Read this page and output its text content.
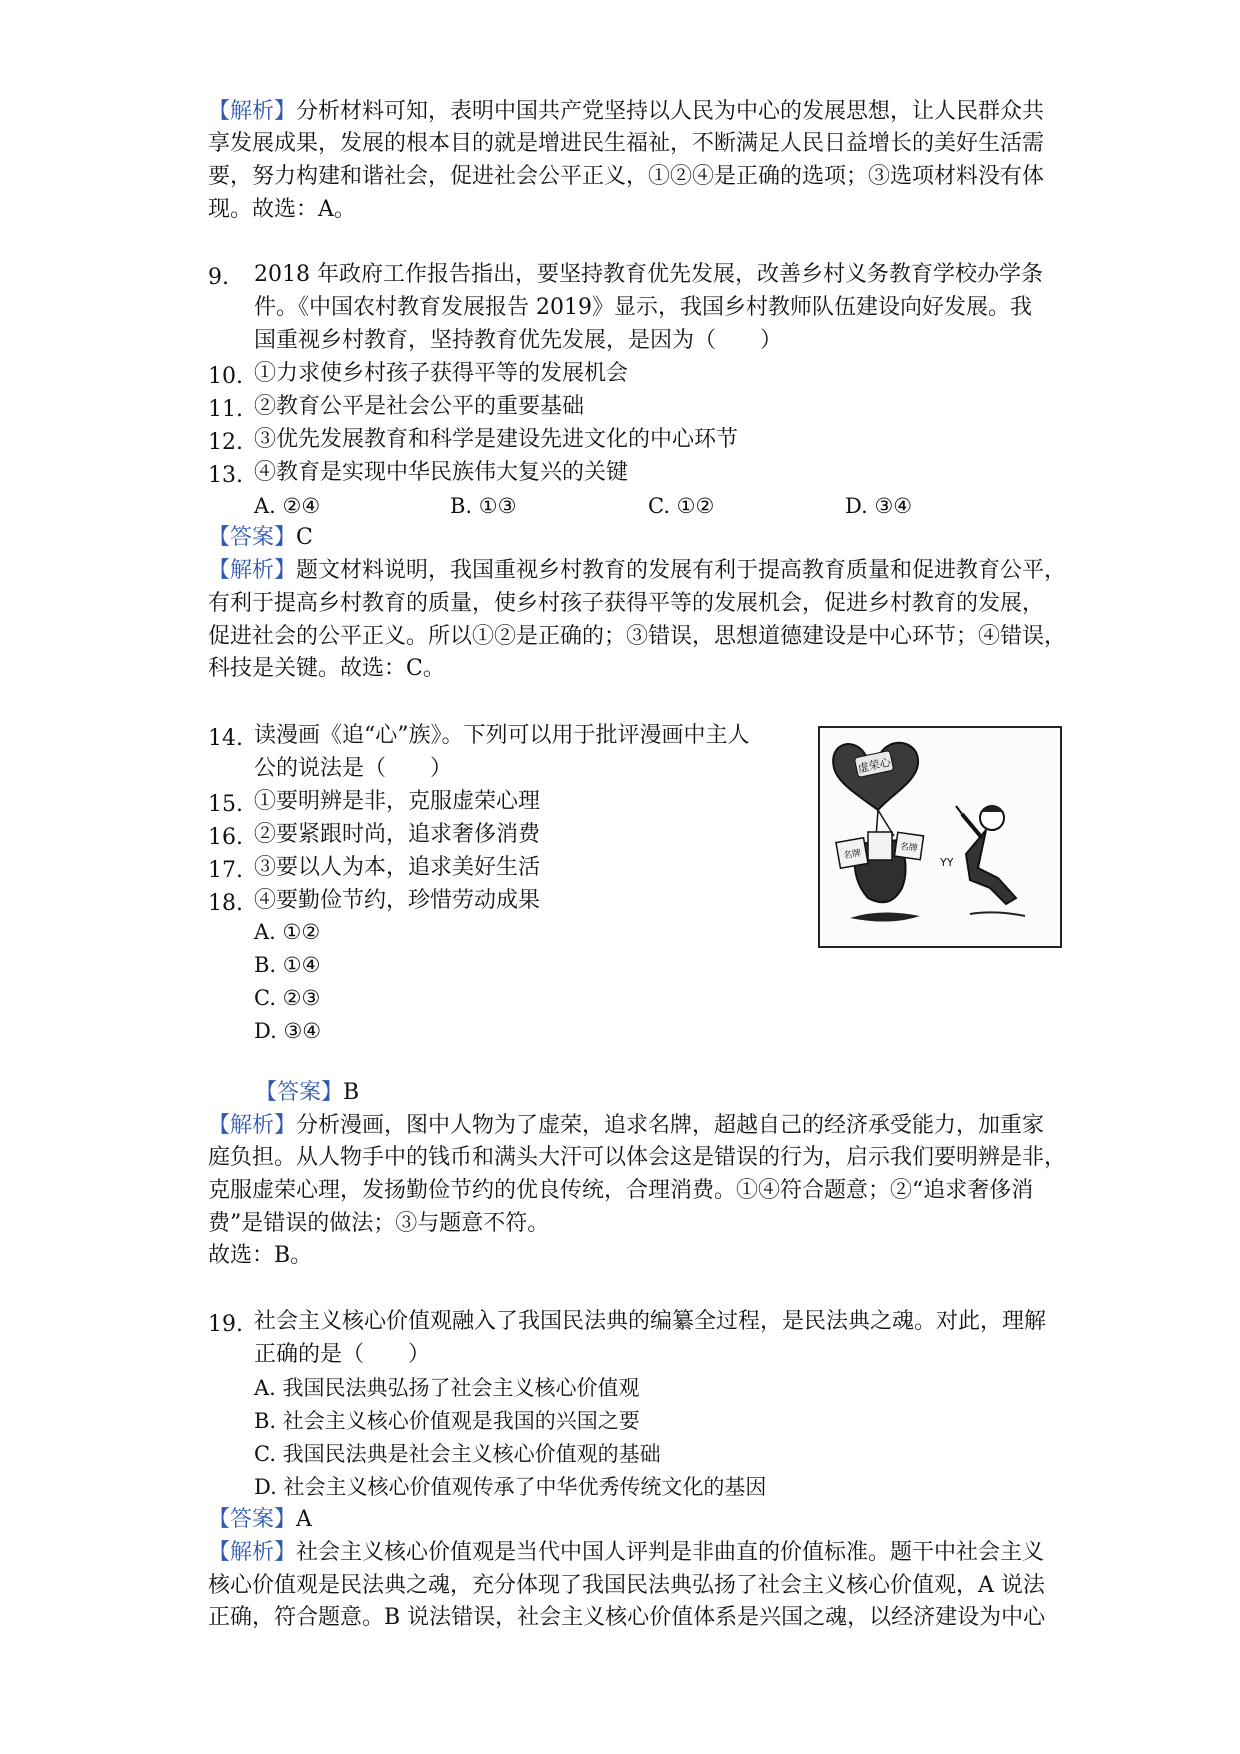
【解析】分析材料可知，表明中国共产党坚持以人民为中心的发展思想，让人民群众共
享发展成果，发展的根本目的就是增进民生福祉，不断满足人民日益增长的美好生活需
要，努力构建和谐社会，促进社会公平正义，①②④是正确的选项；③选项材料没有体
现。故选：A。
9. 2018 年政府工作报告指出，要坚持教育优先发展，改善乡村义务教育学校办学条
件。《中国农村教育发展报告 2019》显示，我国乡村教师队伍建设向好发展。我
国重视乡村教育，坚持教育优先发展，是因为（　　）
10. ①力求使乡村孩子获得平等的发展机会
11. ②教育公平是社会公平的重要基础
12. ③优先发展教育和科学是建设先进文化的中心环节
13. ④教育是实现中华民族伟大复兴的关键
A. ②④	B. ①③	C. ①②	D. ③④
【答案】C
【解析】题文材料说明，我国重视乡村教育的发展有利于提高教育质量和促进教育公平，
有利于提高乡村教育的质量，使乡村孩子获得平等的发展机会，促进乡村教育的发展，
促进社会的公平正义。所以①②是正确的；③错误，思想道德建设是中心环节；④错误，
科技是关键。故选：C。
14. 读漫画《追“心”族》。下列可以用于批评漫画中主人
公的说法是（　　）
15. ①要明辨是非，克服虚荣心理
16. ②要紧跟时尚，追求奢侈消费
17. ③要以人为本，追求美好生活
18. ④要勤俭节约，珍惜劳动成果
A. ①②
B. ①④
C. ②③
D. ③④
虚荣心
名牌
名牌
YY
【答案】B
【解析】分析漫画，图中人物为了虚荣，追求名牌，超越自己的经济承受能力，加重家
庭负担。从人物手中的钱币和满头大汗可以体会这是错误的行为，启示我们要明辨是非，
克服虚荣心理，发扬勤俭节约的优良传统，合理消费。①④符合题意；②“追求奢侈消
费”是错误的做法；③与题意不符。
故选：B。
19. 社会主义核心价值观融入了我国民法典的编纂全过程，是民法典之魂。对此，理解
正确的是（　　）
A. 我国民法典弘扬了社会主义核心价值观
B. 社会主义核心价值观是我国的兴国之要
C. 我国民法典是社会主义核心价值观的基础
D. 社会主义核心价值观传承了中华优秀传统文化的基因
【答案】A
【解析】社会主义核心价值观是当代中国人评判是非曲直的价值标准。题干中社会主义
核心价值观是民法典之魂，充分体现了我国民法典弘扬了社会主义核心价值观，A 说法
正确，符合题意。B 说法错误，社会主义核心价值体系是兴国之魂，以经济建设为中心
